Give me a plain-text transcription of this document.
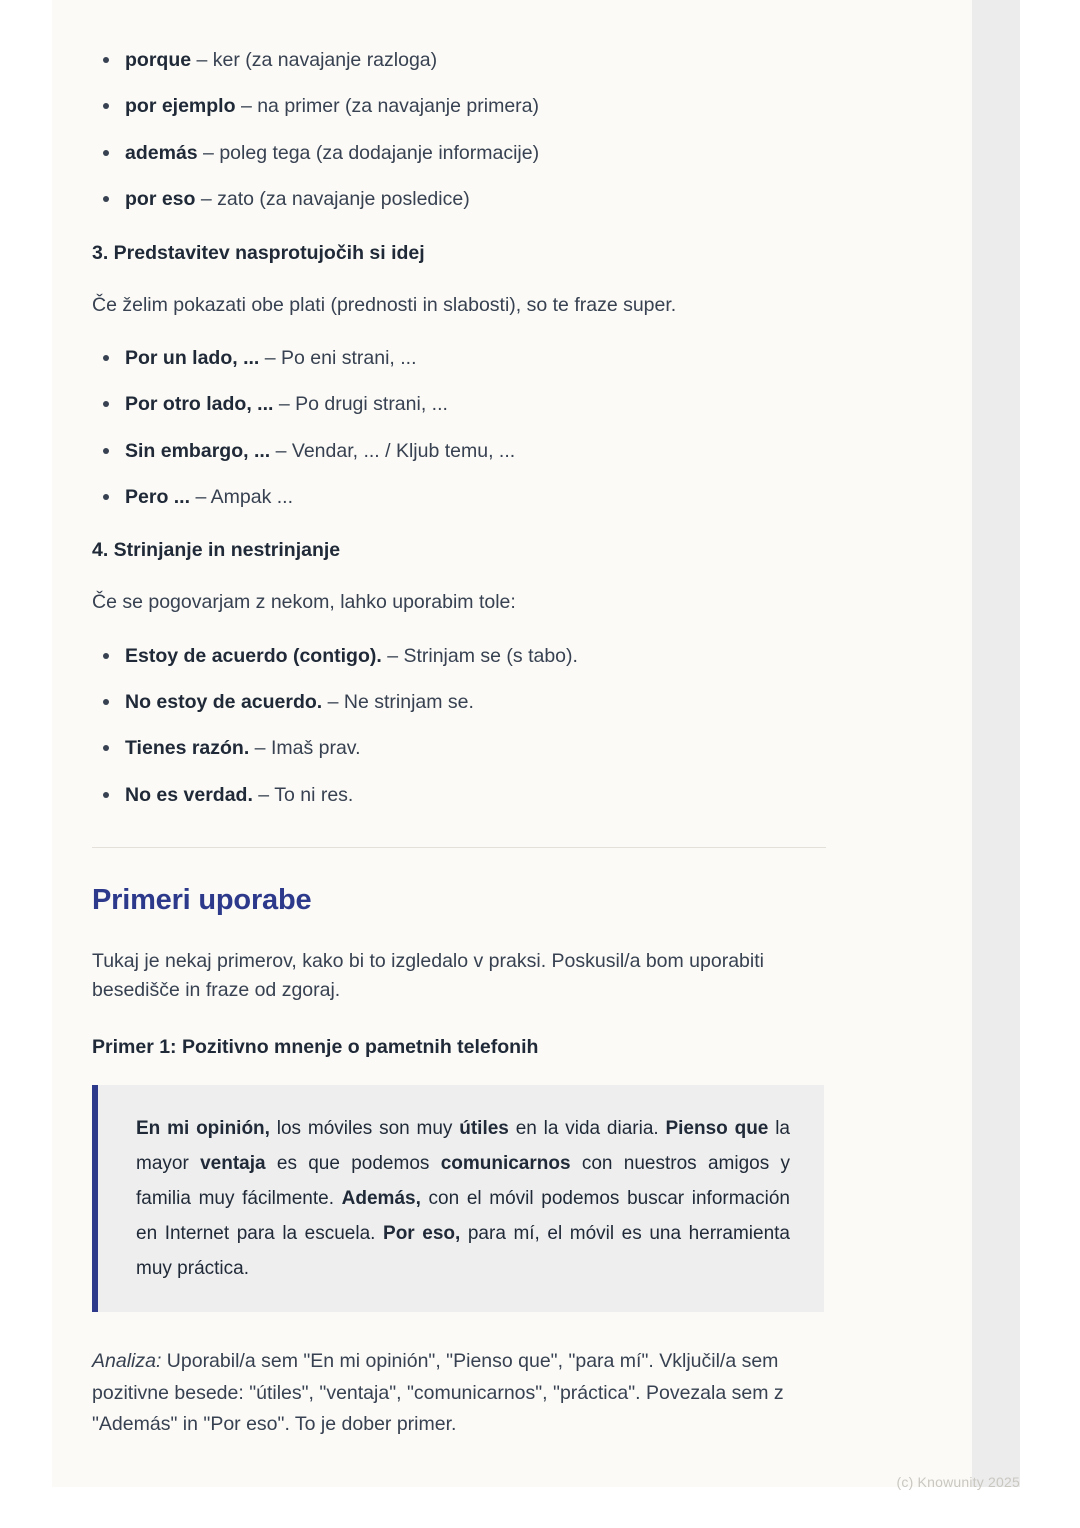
porque – ker (za navajanje razloga)
por ejemplo – na primer (za navajanje primera)
además – poleg tega (za dodajanje informacije)
por eso – zato (za navajanje posledice)
3. Predstavitev nasprotujočih si idej

Če želim pokazati obe plati (prednosti in slabosti), so te fraze super.

Por un lado, ... – Po eni strani, ...
Por otro lado, ... – Po drugi strani, ...
Sin embargo, ... – Vendar, ... / Kljub temu, ...
Pero ... – Ampak ...
4. Strinjanje in nestrinjanje

Če se pogovarjam z nekom, lahko uporabim tole:

Estoy de acuerdo (contigo). – Strinjam se (s tabo).
No estoy de acuerdo. – Ne strinjam se.
Tienes razón. – Imaš prav.
No es verdad. – To ni res.
Primeri uporabe

Tukaj je nekaj primerov, kako bi to izgledalo v praksi. Poskusil/a bom uporabiti besedišče in fraze od zgoraj.

Primer 1: Pozitivno mnenje o pametnih telefonih

En mi opinión, los móviles son muy útiles en la vida diaria. Pienso que la mayor ventaja es que podemos comunicarnos con nuestros amigos y familia muy fácilmente. Además, con el móvil podemos buscar información en Internet para la escuela. Por eso, para mí, el móvil es una herramienta muy práctica.

Analiza: Uporabil/a sem "En mi opinión", "Pienso que", "para mí". Vključil/a sem pozitivne besede: "útiles", "ventaja", "comunicarnos", "práctica". Povezala sem z "Además" in "Por eso". To je dober primer.

(c) Knowunity 2025
